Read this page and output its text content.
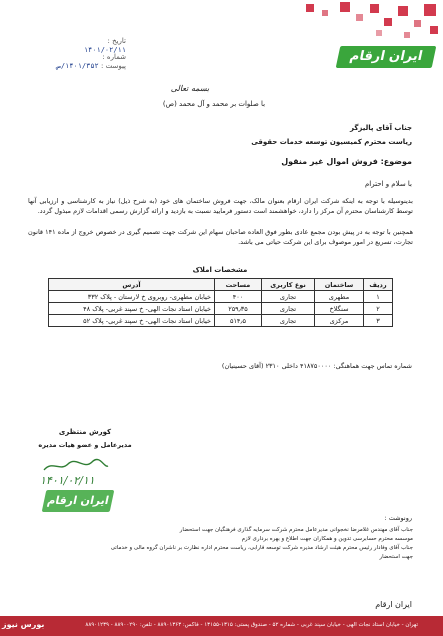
ایران ارقام
تاریخ :
۱۴۰۱/۰۲/۱۱
شماره :
پیوست : ۱۴۰۱/۳۵۲/ص
بسمه تعالی
با صلوات بر محمد و آل محمد (ص)
جناب آقای پالیزگر
ریاست محترم کمیسیون توسعه خدمات حقوقی
موضوع: فروش اموال غیر منقول
با سلام و احترام
بدینوسیله با توجه به اینکه شرکت ایران ارقام بعنوان مالک، جهت فروش ساختمان های خود (به شرح ذیل) نیاز به کارشناسی و ارزیابی آنها توسط کارشناسان محترم آن مرکز را دارد، خواهشمند است دستور فرمایید نسبت به بازدید و ارائه گزارش رسمی اقدامات لازم مبذول گردد.
همچنین با توجه به در پیش بودن مجمع عادی بطور فوق العاده صاحبان سهام این شرکت جهت تصمیم گیری در خصوص خروج از ماده ۱۴۱ قانون تجارت، تسریع در امور موصوف برای این شرکت حیاتی می باشد.
مشخصات املاک
ردیف	ساختمان	نوع کاربری	مساحت	آدرس
۱	مطهری	تجاری	۴۰۰	خیابان مطهری- روبروی خ لارستان - پلاک ۳۳۲
۲	سنگلاخ	تجاری	۲۵۹٫۳۵	خیابان استاد نجات الهی- خ سپند غربی- پلاک ۴۸
۳	مرکزی	تجاری	۵۱۴٫۵	خیابان استاد نجات الهی- خ سپند غربی- پلاک ۵۲
شماره تماس جهت هماهنگی: ۴۱۸۷۵۰۰۰۰ داخلی ۲۳۱۰ (آقای حسینیان)
کورش منتظری
مدیرعامل و عضو هیات مدیره
۱۴۰۱/۰۲/۱۱
ایران ارقام
رونوشت :
جناب آقای مهندس غلامرضا نخجوانی مدیرعامل محترم شرکت سرمایه گذاری فرهنگیان جهت استحضار
موسسه محترم حسابرسی تدوین و همکاران جهت اطلاع و بهره برداری لازم
جناب آقای وفادار رئیس محترم هیئت ارشاد مدیره شرکت توسعه فارابی، ریاست محترم اداره نظارت بر ناشران گروه مالی و خدماتی جهت استحضار
ایران ارقام
تهران - خیابان استاد نجات الهی - خیابان سپند غربی - شماره ۵۲ - صندوق پستی: ۱۳۱۵-۱۳۱۵۵ - فاکس: ۸۸۹۰۱۳۶۳ - تلفن: ۸۸۹۰۰۲۹۰ - ۸۸۹۰۱۲۳۹
بورس نیوز
